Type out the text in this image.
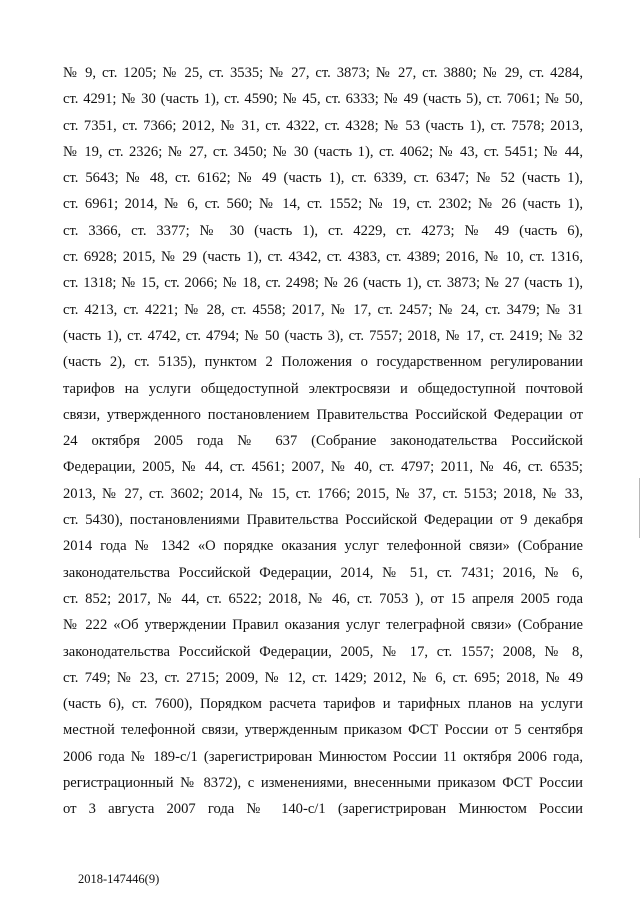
№ 9, ст. 1205; № 25, ст. 3535; № 27, ст. 3873; № 27, ст. 3880; № 29, ст. 4284,
ст. 4291; № 30 (часть 1), ст. 4590; № 45, ст. 6333; № 49 (часть 5), ст. 7061; № 50,
ст. 7351, ст. 7366; 2012, № 31, ст. 4322, ст. 4328; № 53 (часть 1), ст. 7578; 2013,
№ 19, ст. 2326; № 27, ст. 3450; № 30 (часть 1), ст. 4062; № 43, ст. 5451; № 44,
ст. 5643; № 48, ст. 6162; № 49 (часть 1), ст. 6339, ст. 6347; № 52 (часть 1),
ст. 6961; 2014, № 6, ст. 560; № 14, ст. 1552; № 19, ст. 2302; № 26 (часть 1),
ст. 3366, ст. 3377; № 30 (часть 1), ст. 4229, ст. 4273; № 49 (часть 6),
ст. 6928; 2015, № 29 (часть 1), ст. 4342, ст. 4383, ст. 4389; 2016, № 10, ст. 1316,
ст. 1318; № 15, ст. 2066; № 18, ст. 2498; № 26 (часть 1), ст. 3873; № 27 (часть 1),
ст. 4213, ст. 4221; № 28, ст. 4558; 2017, № 17, ст. 2457; № 24, ст. 3479; № 31
(часть 1), ст. 4742, ст. 4794; № 50 (часть 3), ст. 7557; 2018, № 17, ст. 2419; № 32
(часть 2), ст. 5135), пунктом 2 Положения о государственном регулировании
тарифов на услуги общедоступной электросвязи и общедоступной почтовой
связи, утвержденного постановлением Правительства Российской Федерации от
24 октября 2005 года № 637 (Собрание законодательства Российской
Федерации, 2005, № 44, ст. 4561; 2007, № 40, ст. 4797; 2011, № 46, ст. 6535;
2013, № 27, ст. 3602; 2014, № 15, ст. 1766; 2015, № 37, ст. 5153; 2018, № 33,
ст. 5430), постановлениями Правительства Российской Федерации от 9 декабря
2014 года № 1342 «О порядке оказания услуг телефонной связи» (Собрание
законодательства Российской Федерации, 2014, № 51, ст. 7431; 2016, № 6,
ст. 852; 2017, № 44, ст. 6522; 2018, № 46, ст. 7053 ), от 15 апреля 2005 года
№ 222 «Об утверждении Правил оказания услуг телеграфной связи» (Собрание
законодательства Российской Федерации, 2005, № 17, ст. 1557; 2008, № 8,
ст. 749; № 23, ст. 2715; 2009, № 12, ст. 1429; 2012, № 6, ст. 695; 2018, № 49
(часть 6), ст. 7600), Порядком расчета тарифов и тарифных планов на услуги
местной телефонной связи, утвержденным приказом ФСТ России от 5 сентября
2006 года № 189-с/1 (зарегистрирован Минюстом России 11 октября 2006 года,
регистрационный № 8372), с изменениями, внесенными приказом ФСТ России
от 3 августа 2007 года № 140-с/1 (зарегистрирован Минюстом России
2018-147446(9)
